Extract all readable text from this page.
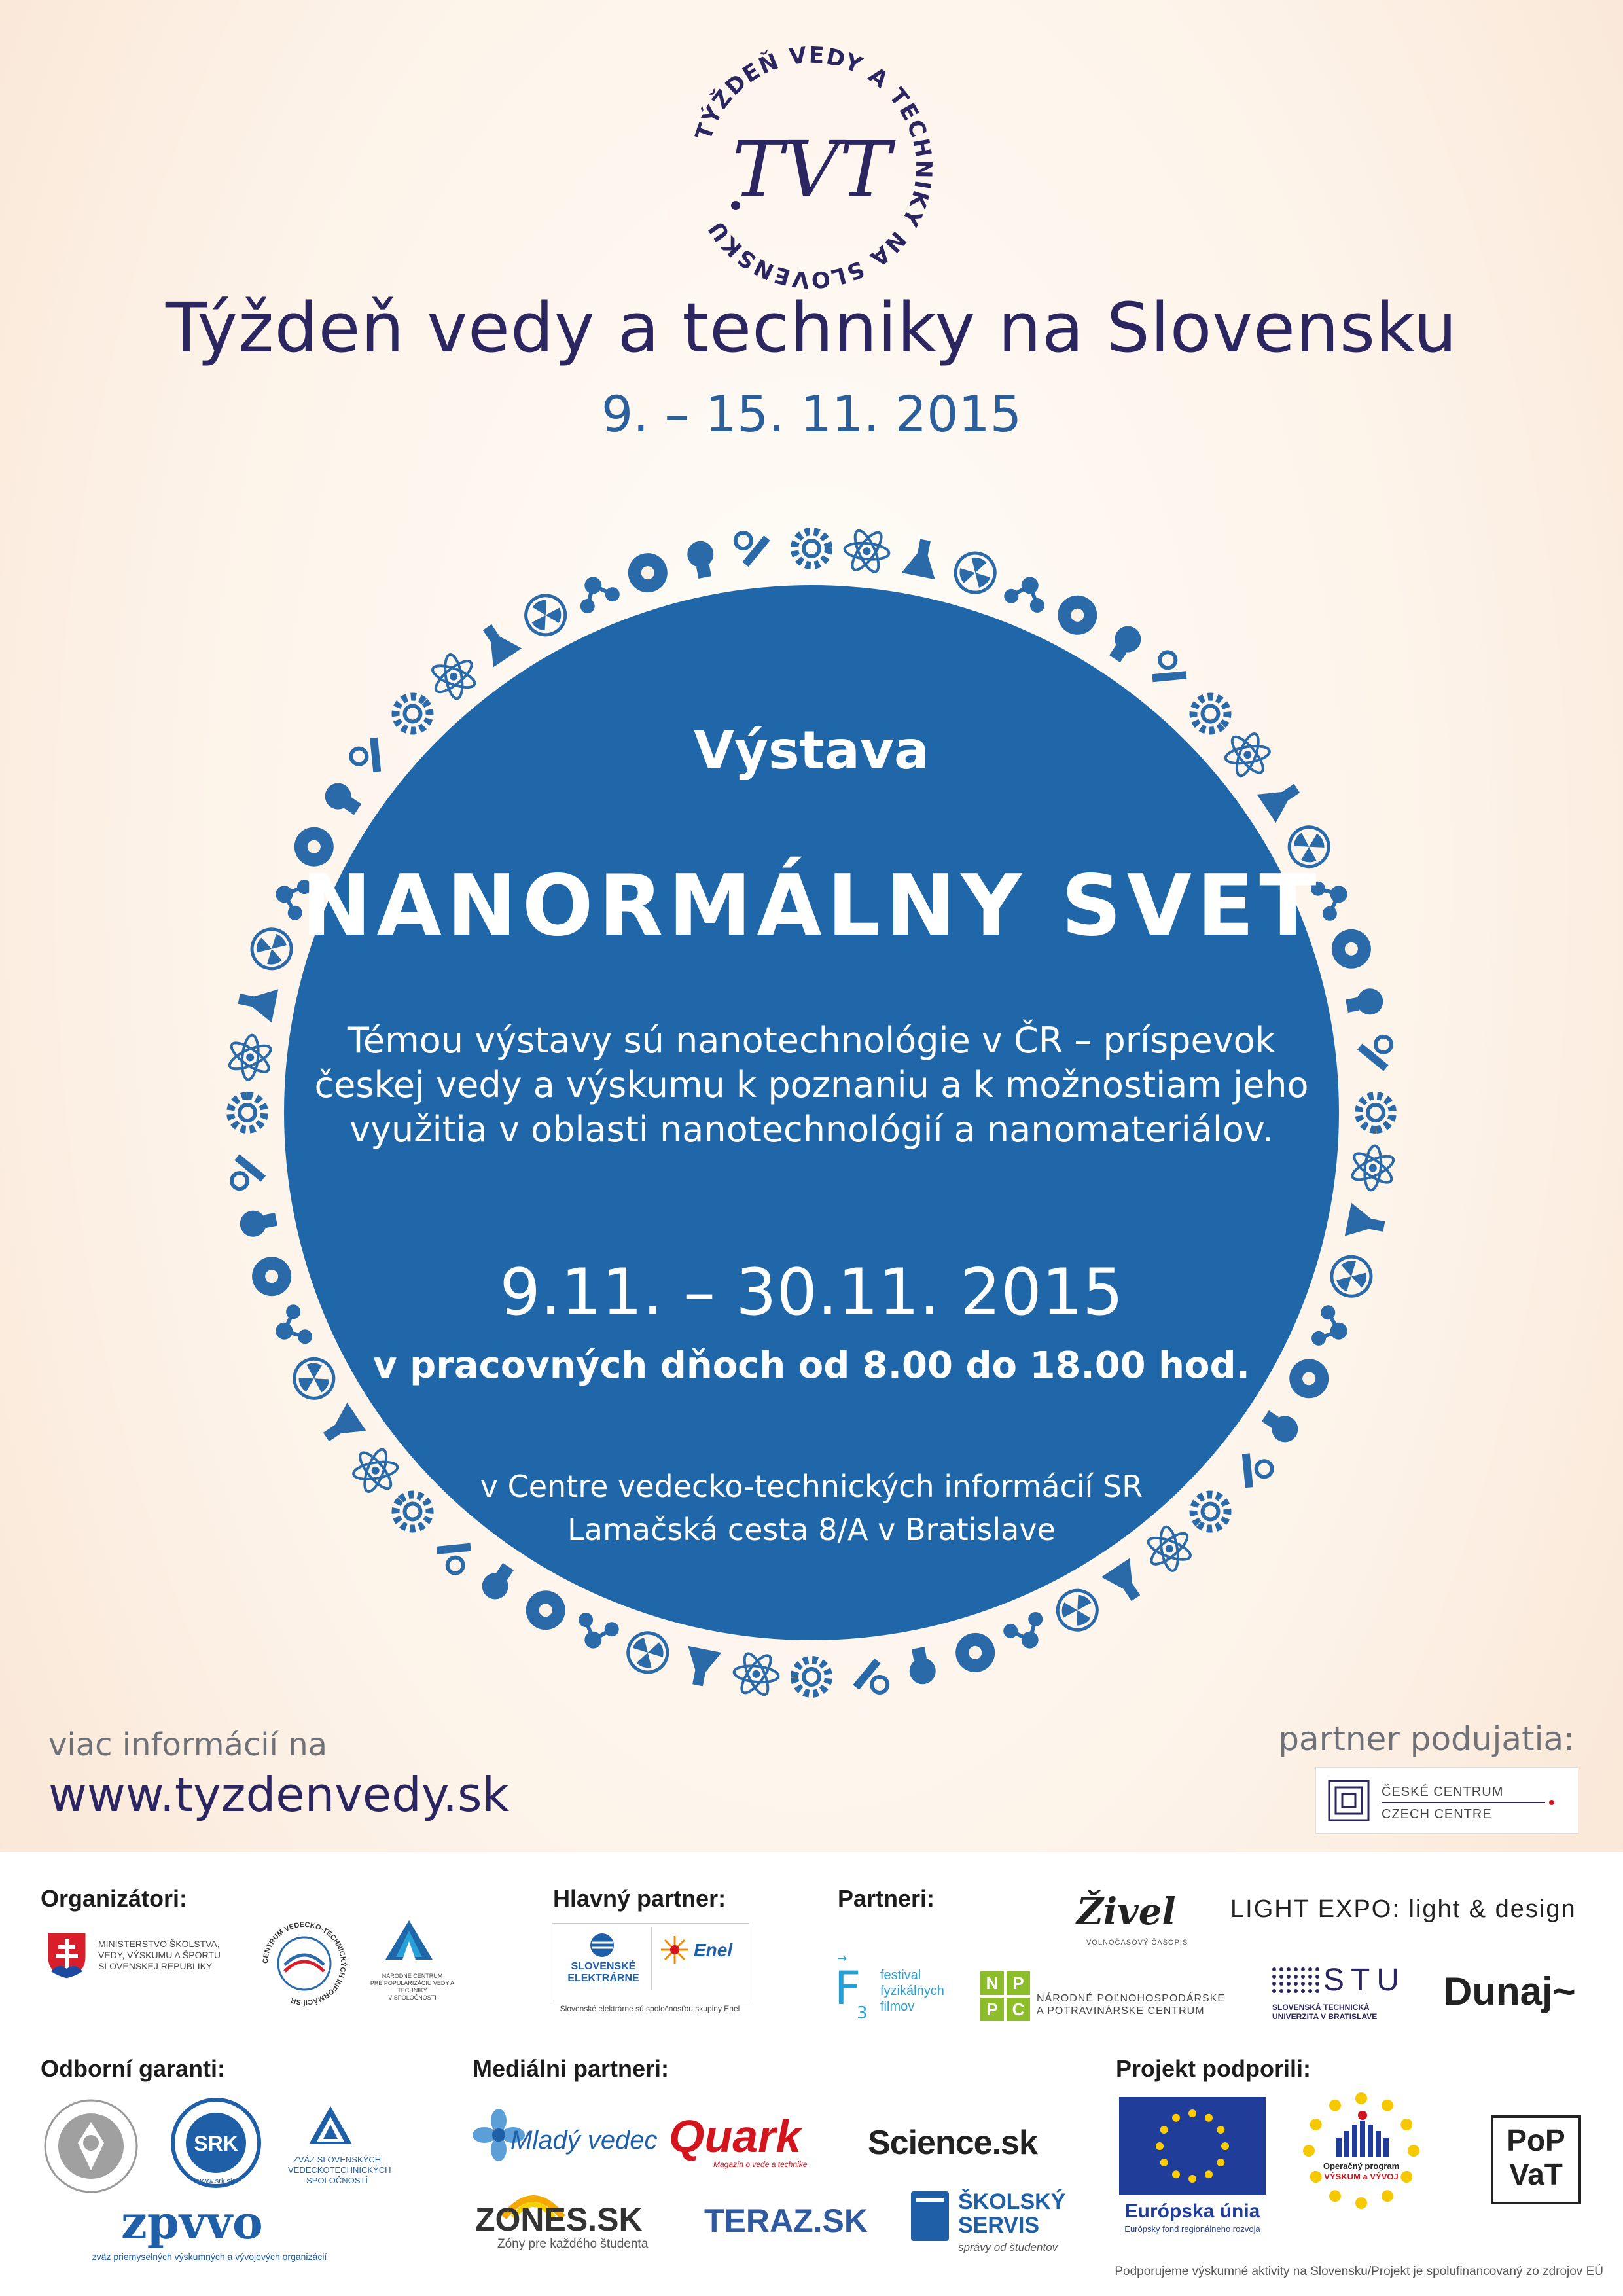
TÝŽDEŇ VEDY A TECHNIKY NA SLOVENSKU
TVT
Týždeň vedy a techniky na Slovensku
9. – 15. 11. 2015
Výstava
NANORMÁLNY SVET
Témou výstavy sú nanotechnológie v ČR – príspevok
českej vedy a výskumu k poznaniu a k možnostiam jeho
využitia v oblasti nanotechnológií a nanomateriálov.
9.11. – 30.11. 2015
v pracovných dňoch od 8.00 do 18.00 hod.
v Centre vedecko-technických informácií SR
Lamačská cesta 8/A v Bratislave
viac informácií na
www.tyzdenvedy.sk
partner podujatia:
ČESKÉ CENTRUM
CZECH CENTRE
Organizátori:	Hlavný partner:	Partneri:
Odborní garanti:	Mediálni partneri:	Projekt podporili:
MINISTERSTVO ŠKOLSTVA,
VEDY, VÝSKUMU A ŠPORTU
SLOVENSKEJ REPUBLIKY
CENTRUM VEDECKO-TECHNICKÝCH INFORMÁCIÍ SR
NÁRODNÉ CENTRUM
PRE POPULARIZÁCIU VEDY A TECHNIKY
V SPOLOČNOSTI
SLOVENSKÉ
ELEKTRÁRNE
Enel
Slovenské elektrárne sú spoločnosťou skupiny Enel
Živel
VOLNOČASOVÝ ČASOPIS
LIGHT EXPO: light & design
→
F
3
festival
fyzikálnych
filmov
N P
P C
NÁRODNÉ POĽNOHOSPODÁRSKE
A POTRAVINÁRSKE CENTRUM
STU
SLOVENSKÁ TECHNICKÁ
UNIVERZITA V BRATISLAVE
Dunaj~
SRK
www.srk.sk
ZVÄZ SLOVENSKÝCH
VEDECKOTECHNICKÝCH
SPOLOČNOSTÍ
zpvvo
zväz priemyselných výskumných a vývojových organizácií
Mladý vedec Quark
Magazín o vede a technike
Science.sk
ZONES.SK
Zóny pre každého študenta
TERAZ.SK
ŠKOLSKÝ
SERVIS
správy od študentov
Európska únia
Európsky fond regionálneho rozvoja
Operačný program
VÝSKUM a VÝVOJ
PoP
VaT
Podporujeme výskumné aktivity na Slovensku/Projekt je spolufinancovaný zo zdrojov EÚ
